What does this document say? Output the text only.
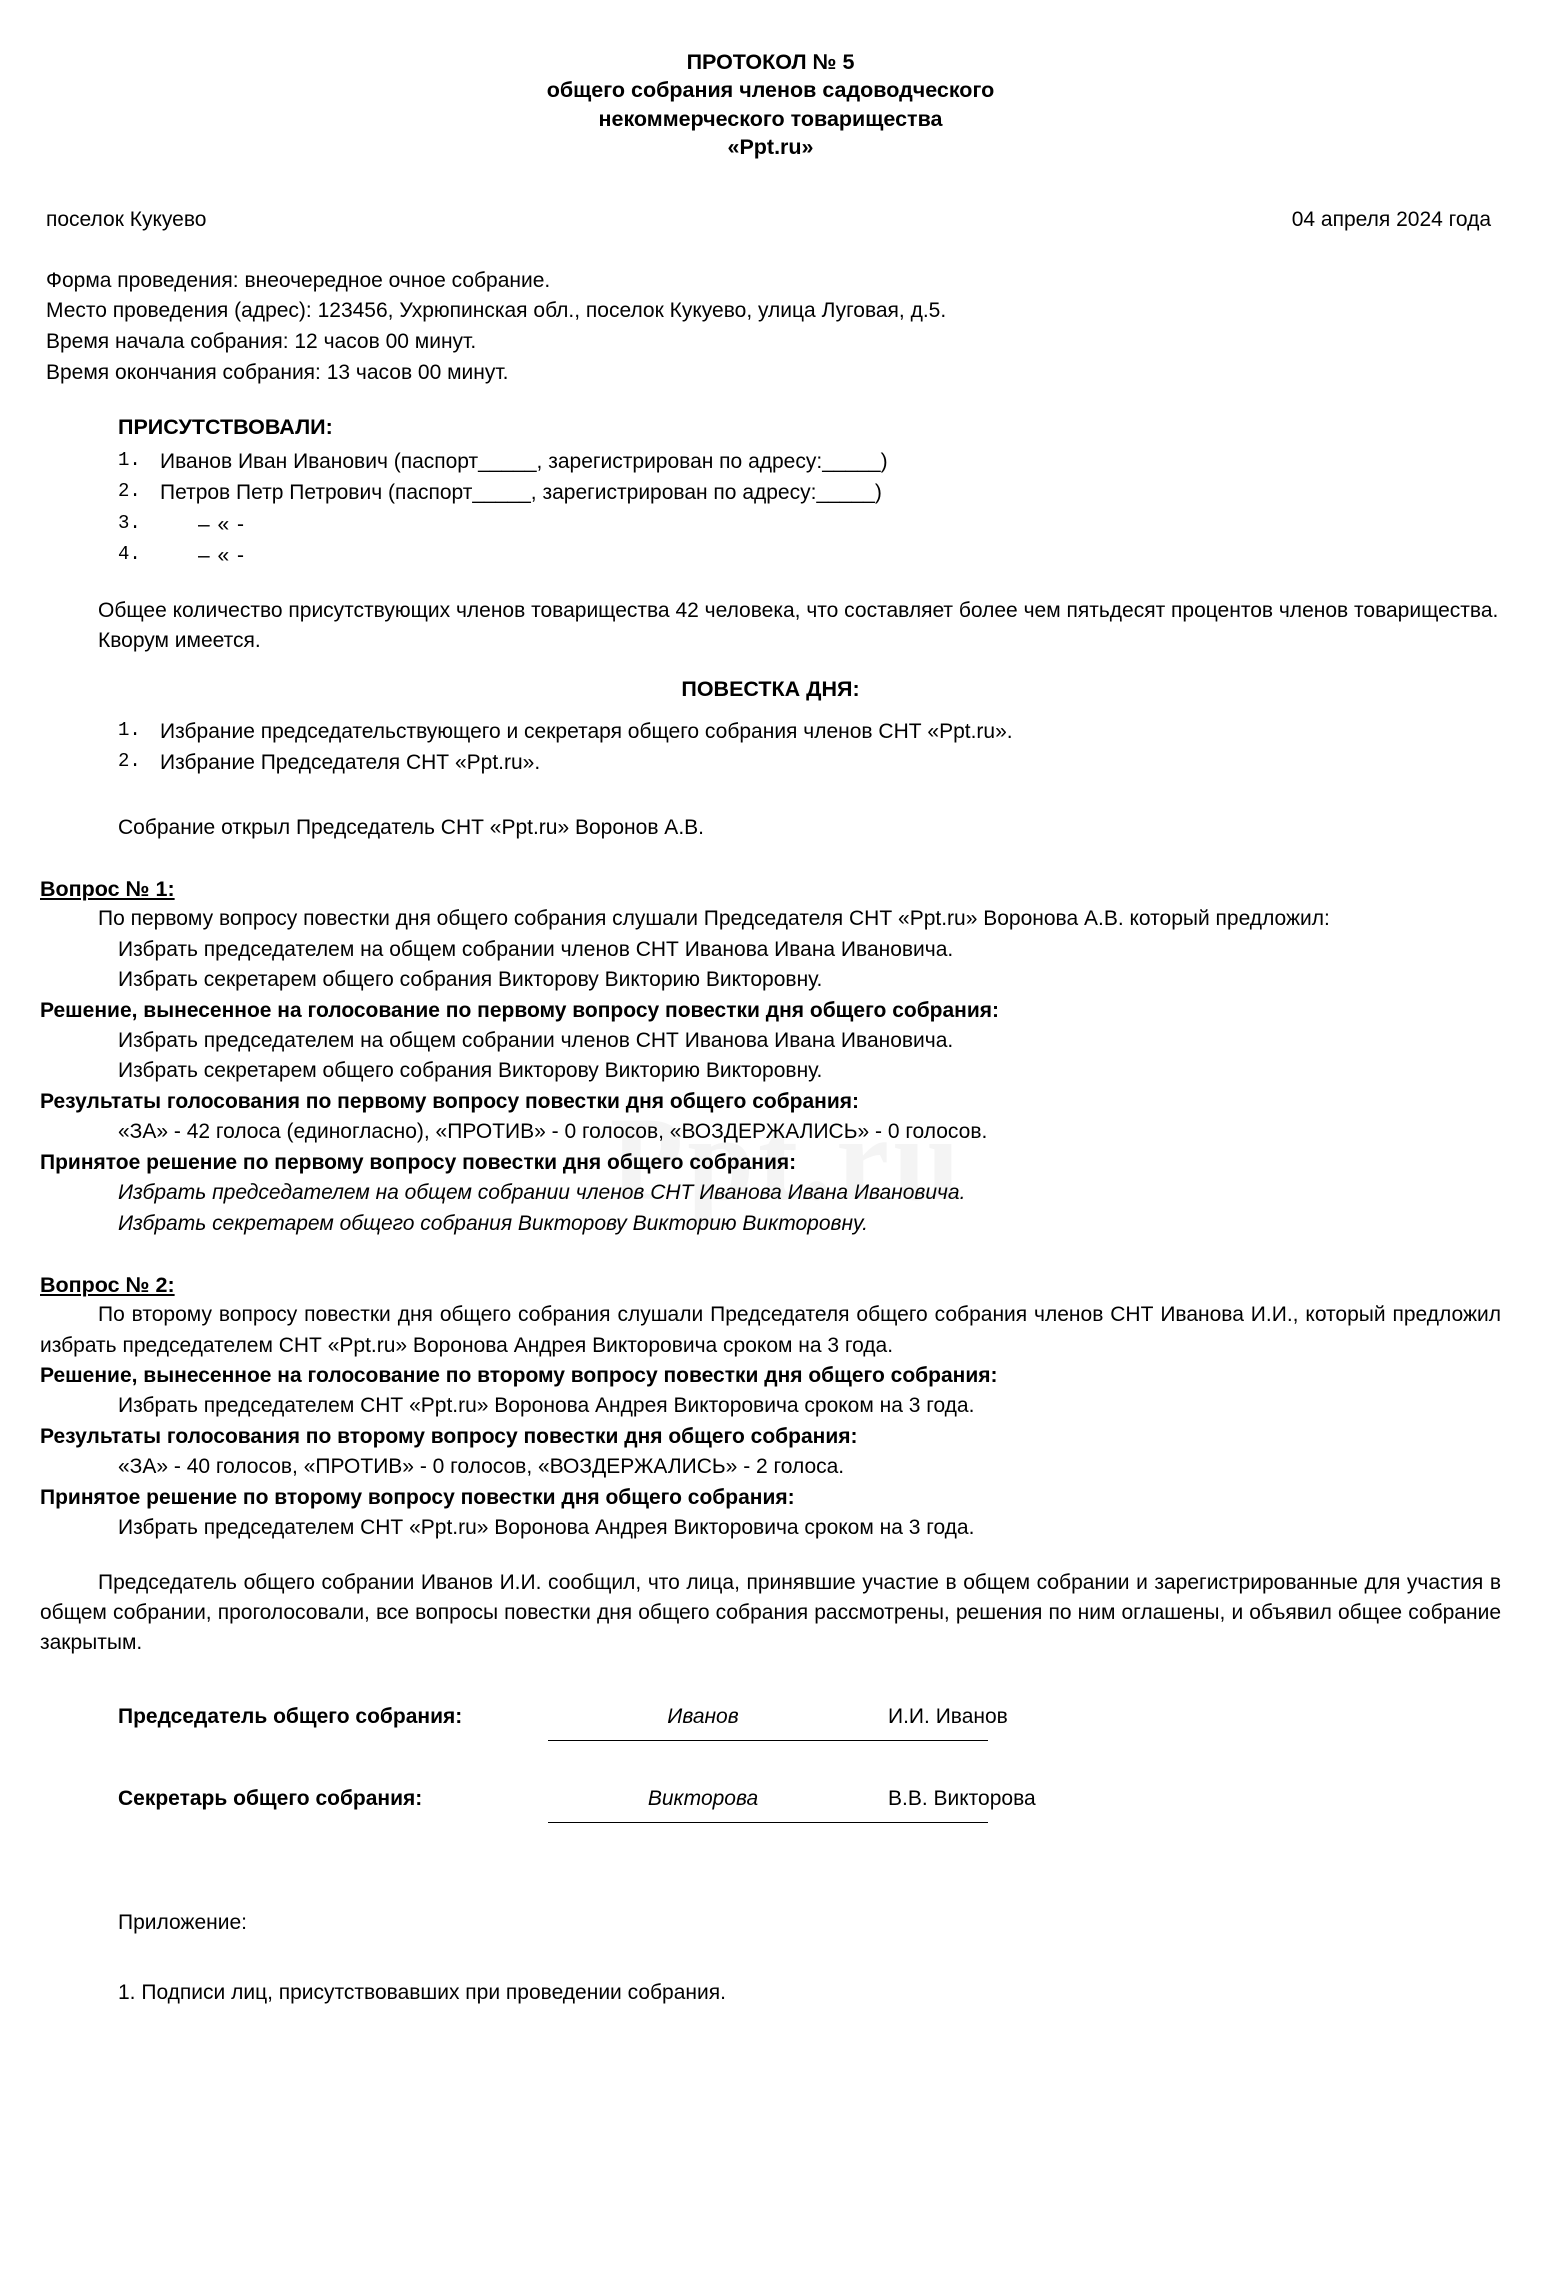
ПРОТОКОЛ № 5
общего собрания членов садоводческого
некоммерческого товарищества
«Ppt.ru»
поселок Кукуево	04 апреля 2024 года
Форма проведения: внеочередное очное собрание.
Место проведения (адрес): 123456, Ухрюпинская обл., поселок Кукуево, улица Луговая, д.5.
Время начала собрания: 12 часов 00 минут.
Время окончания собрания: 13 часов 00 минут.
ПРИСУТСТВОВАЛИ:
1. Иванов Иван Иванович (паспорт_____, зарегистрирован по адресу:_____)
2. Петров Петр Петрович (паспорт_____, зарегистрирован по адресу:_____)
3.	– « -
4.	– « -

Общее количество присутствующих членов товарищества 42 человека, что составляет более чем пятьдесят процентов членов товарищества.

Кворум имеется.

ПОВЕСТКА ДНЯ:
1. Избрание председательствующего и секретаря общего собрания членов СНТ «Ppt.ru».
2. Избрание Председателя СНТ «Ppt.ru».

Собрание открыл Председатель СНТ «Ppt.ru» Воронов А.В.

Вопрос № 1:

По первому вопросу повестки дня общего собрания слушали Председателя СНТ «Ppt.ru» Воронова А.В. который предложил:

Избрать председателем на общем собрании членов СНТ Иванова Ивана Ивановича.

Избрать секретарем общего собрания Викторову Викторию Викторовну.

Решение, вынесенное на голосование по первому вопросу повестки дня общего собрания:

Избрать председателем на общем собрании членов СНТ Иванова Ивана Ивановича.

Избрать секретарем общего собрания Викторову Викторию Викторовну.

Результаты голосования по первому вопросу повестки дня общего собрания:

«ЗА» - 42 голоса (единогласно), «ПРОТИВ» - 0 голосов, «ВОЗДЕРЖАЛИСЬ» - 0 голосов.

Принятое решение по первому вопросу повестки дня общего собрания:

Избрать председателем на общем собрании членов СНТ Иванова Ивана Ивановича.

Избрать секретарем общего собрания Викторову Викторию Викторовну.

Вопрос № 2:

По второму вопросу повестки дня общего собрания слушали Председателя общего собрания членов СНТ Иванова И.И., который предложил избрать председателем СНТ «Ppt.ru» Воронова Андрея Викторовича сроком на 3 года.

Решение, вынесенное на голосование по второму вопросу повестки дня общего собрания:

Избрать председателем СНТ «Ppt.ru» Воронова Андрея Викторовича сроком на 3 года.

Результаты голосования по второму вопросу повестки дня общего собрания:

«ЗА» - 40 голосов, «ПРОТИВ» - 0 голосов, «ВОЗДЕРЖАЛИСЬ» - 2 голоса.

Принятое решение по второму вопросу повестки дня общего собрания:

Избрать председателем СНТ «Ppt.ru» Воронова Андрея Викторовича сроком на 3 года.

Председатель общего собрании Иванов И.И. сообщил, что лица, принявшие участие в общем собрании и зарегистрированные для участия в общем собрании, проголосовали, все вопросы повестки дня общего собрания рассмотрены, решения по ним оглашены, и объявил общее собрание закрытым.

Председатель общего собрания:	Иванов	И.И. Иванов
Секретарь общего собрания:	Викторова	В.В. Викторова
Приложение:
1. Подписи лиц, присутствовавших при проведении собрания.
